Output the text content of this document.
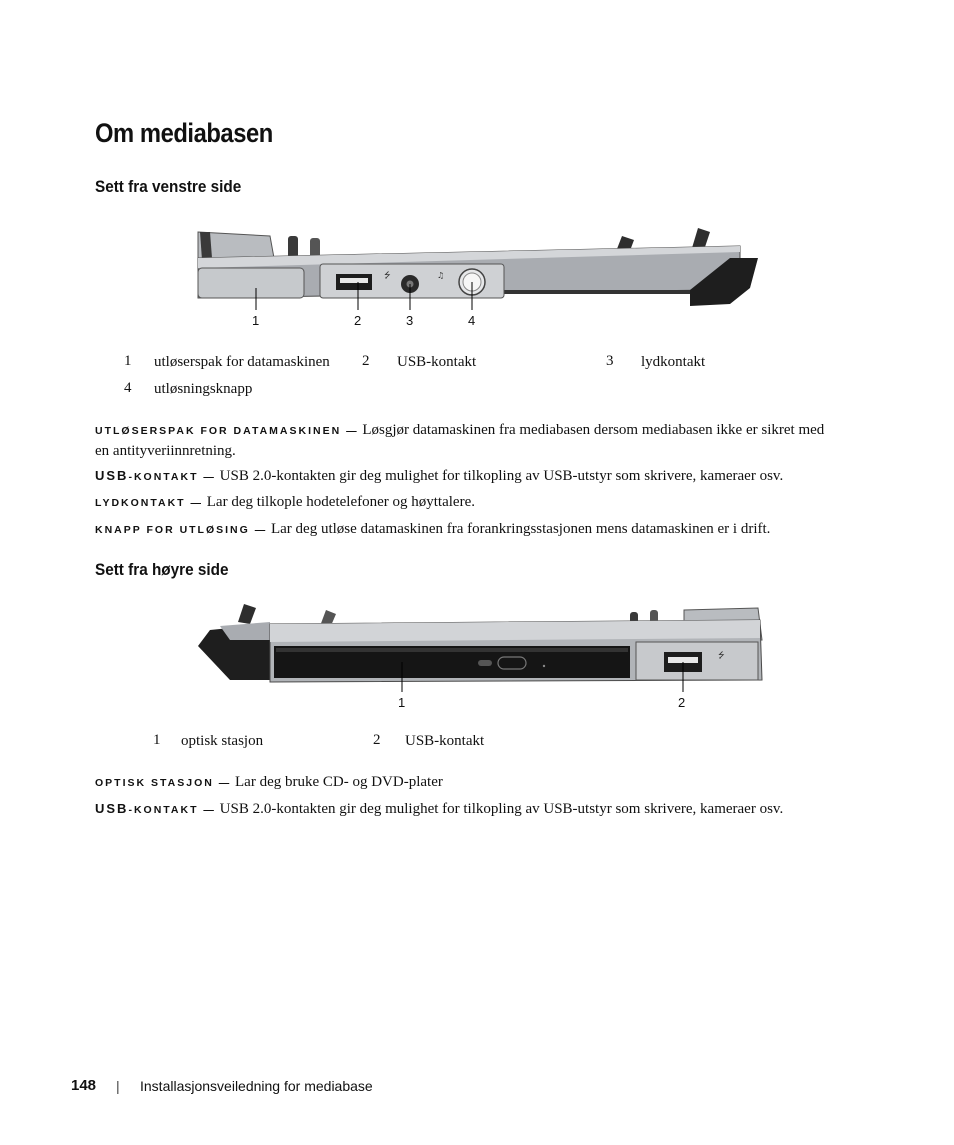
Om mediabasen
Sett fra venstre side
⭍	♫
1	2	3	4
1 utløserspak for datamaskinen 2 USB-kontakt	3 lydkontakt
4 utløsningsknapp
UTLØSERSPAK FOR DATAMASKINEN — Løsgjør datamaskinen fra mediabasen dersom mediabasen ikke er sikret med en antityveriinnretning.
USB-KONTAKT — USB 2.0-kontakten gir deg mulighet for tilkopling av USB-utstyr som skrivere, kameraer osv.
LYDKONTAKT — Lar deg tilkople hodetelefoner og høyttalere.
KNAPP FOR UTLØSING — Lar deg utløse datamaskinen fra forankringsstasjonen mens datamaskinen er i drift.
Sett fra høyre side
⭍
1	2
1 optisk stasjon	2 USB-kontakt
OPTISK STASJON — Lar deg bruke CD- og DVD-plater
USB-KONTAKT — USB 2.0-kontakten gir deg mulighet for tilkopling av USB-utstyr som skrivere, kameraer osv.
148 | Installasjonsveiledning for mediabase
